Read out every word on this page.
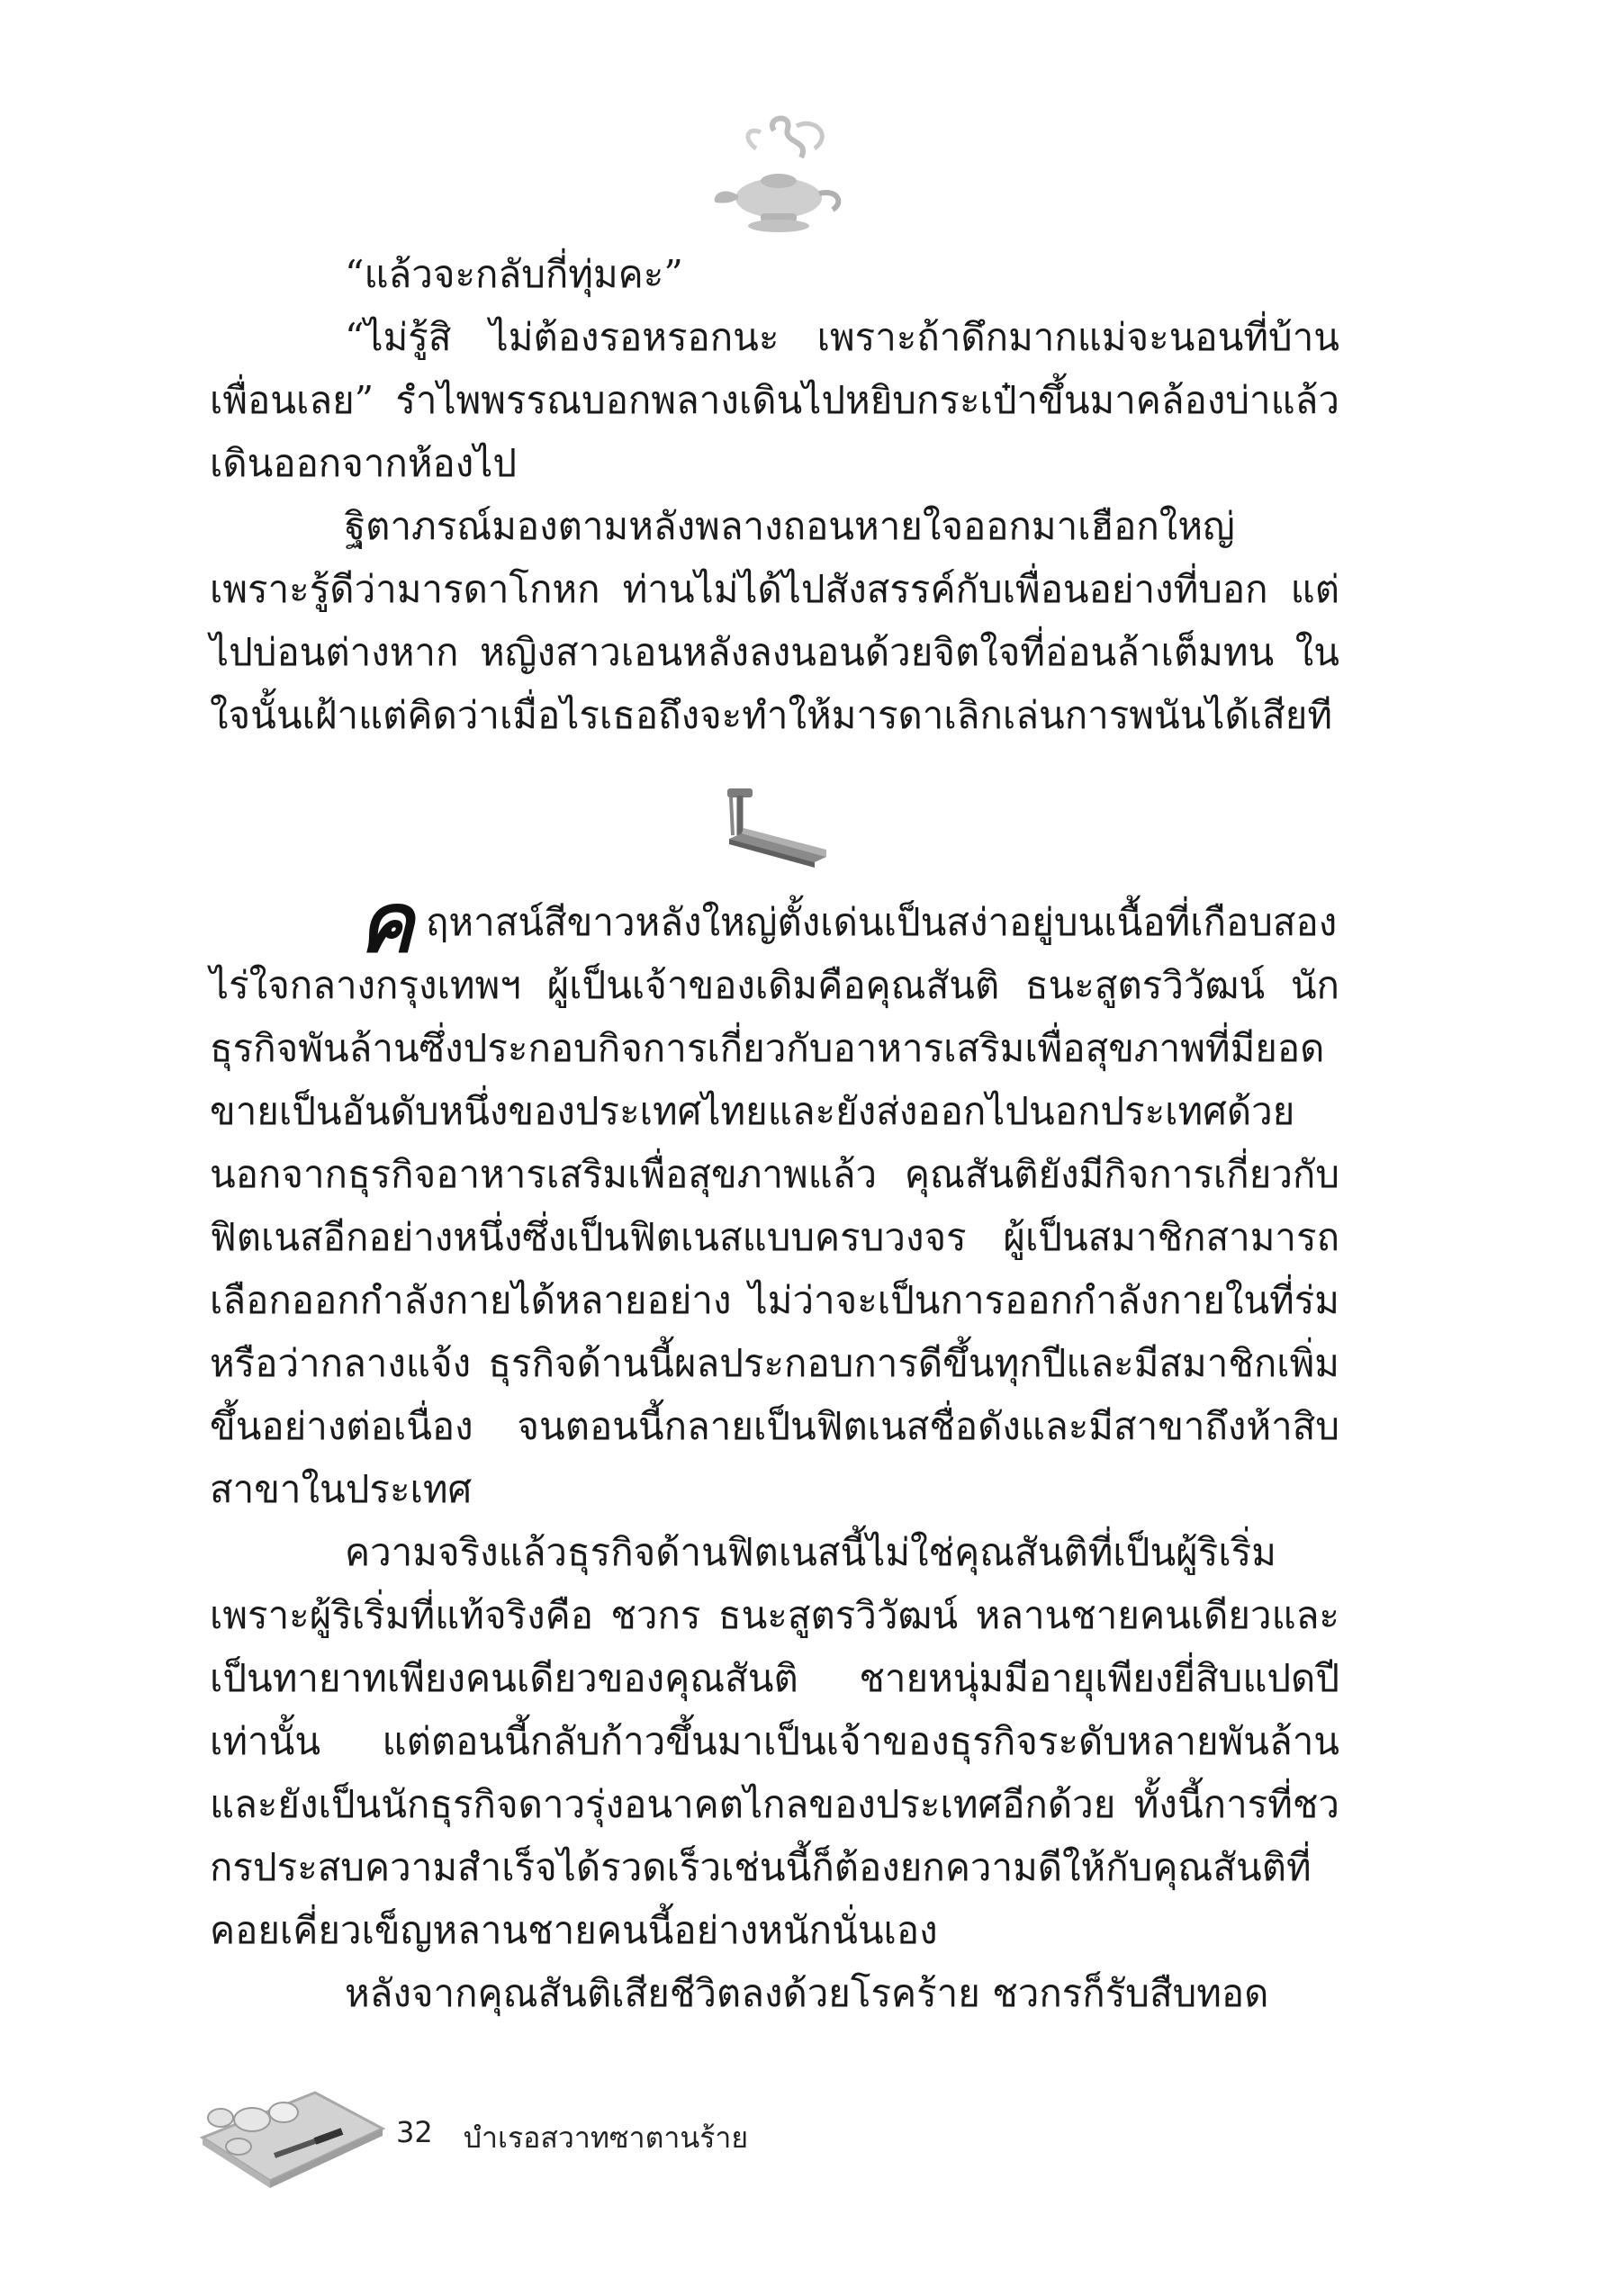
“แล้วจะกลับกี่ทุ่มคะ”

“ไม่รู้สิ ไม่ต้องรอหรอกนะ เพราะถ้าดึกมากแม่จะนอนที่บ้านเพื่อนเลย” รำไพพรรณบอกพลางเดินไปหยิบกระเป๋าขึ้นมาคล้องบ่าแล้วเดินออกจากห้องไป

ฐิตาภรณ์มองตามหลังพลางถอนหายใจออกมาเฮือกใหญ่ เพราะรู้ดีว่ามารดาโกหก ท่านไม่ได้ไปสังสรรค์กับเพื่อนอย่างที่บอก แต่ไปบ่อนต่างหาก หญิงสาวเอนหลังลงนอนด้วยจิตใจที่อ่อนล้าเต็มทน ในใจนั้นเฝ้าแต่คิดว่าเมื่อไรเธอถึงจะทำให้มารดาเลิกเล่นการพนันได้เสียที

ค ฤหาสน์สีขาวหลังใหญ่ตั้งเด่นเป็นสง่าอยู่บนเนื้อที่เกือบสองไร่ใจกลางกรุงเทพฯ ผู้เป็นเจ้าของเดิมคือคุณสันติ ธนะสูตรวิวัฒน์ นักธุรกิจพันล้านซึ่งประกอบกิจการเกี่ยวกับอาหารเสริมเพื่อสุขภาพที่มียอดขายเป็นอันดับหนึ่งของประเทศไทยและยังส่งออกไปนอกประเทศด้วย นอกจากธุรกิจอาหารเสริมเพื่อสุขภาพแล้ว คุณสันติยังมีกิจการเกี่ยวกับฟิตเนสอีกอย่างหนึ่งซึ่งเป็นฟิตเนสแบบครบวงจร ผู้เป็นสมาชิกสามารถเลือกออกกำลังกายได้หลายอย่าง ไม่ว่าจะเป็นการออกกำลังกายในที่ร่มหรือว่ากลางแจ้ง ธุรกิจด้านนี้ผลประกอบการดีขึ้นทุกปีและมีสมาชิกเพิ่มขึ้นอย่างต่อเนื่อง จนตอนนี้กลายเป็นฟิตเนสชื่อดังและมีสาขาถึงห้าสิบสาขาในประเทศ

ความจริงแล้วธุรกิจด้านฟิตเนสนี้ไม่ใช่คุณสันติที่เป็นผู้ริเริ่ม เพราะผู้ริเริ่มที่แท้จริงคือ ชวกร ธนะสูตรวิวัฒน์ หลานชายคนเดียวและเป็นทายาทเพียงคนเดียวของคุณสันติ ชายหนุ่มมีอายุเพียงยี่สิบแปดปีเท่านั้น แต่ตอนนี้กลับก้าวขึ้นมาเป็นเจ้าของธุรกิจระดับหลายพันล้าน และยังเป็นนักธุรกิจดาวรุ่งอนาคตไกลของประเทศอีกด้วย ทั้งนี้การที่ชวกรประสบความสำเร็จได้รวดเร็วเช่นนี้ก็ต้องยกความดีให้กับคุณสันติที่คอยเคี่ยวเข็ญหลานชายคนนี้อย่างหนักนั่นเอง

หลังจากคุณสันติเสียชีวิตลงด้วยโรคร้าย ชวกรก็รับสืบทอด

32 บำเรอสวาทซาตานร้าย
